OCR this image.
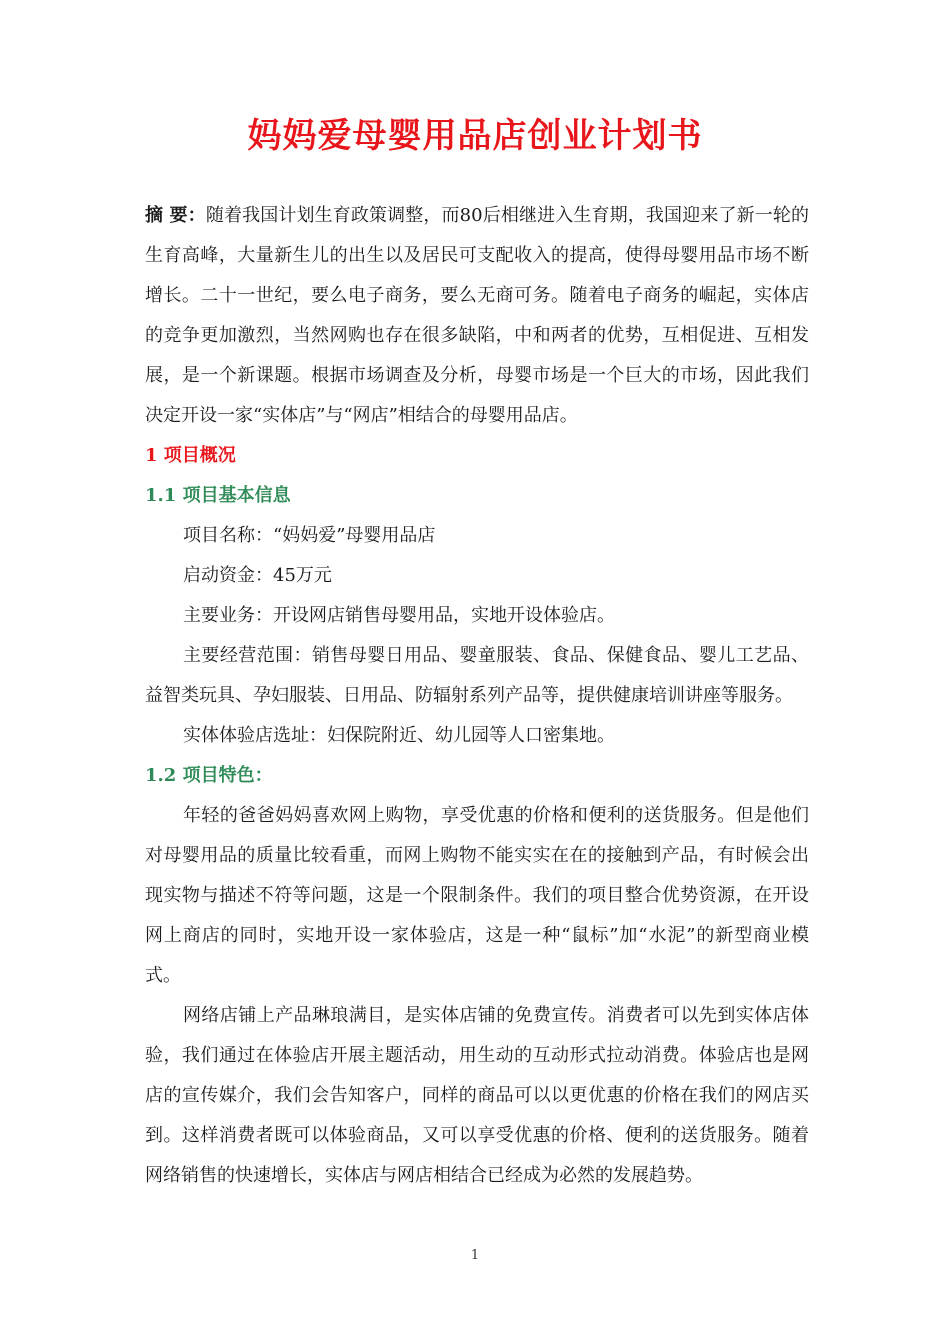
妈妈爱母婴用品店创业计划书

摘 要：随着我国计划生育政策调整，而80后相继进入生育期，我国迎来了新一轮的生育高峰，大量新生儿的出生以及居民可支配收入的提高，使得母婴用品市场不断增长。二十一世纪，要么电子商务，要么无商可务。随着电子商务的崛起，实体店的竞争更加激烈，当然网购也存在很多缺陷，中和两者的优势，互相促进、互相发展，是一个新课题。根据市场调查及分析，母婴市场是一个巨大的市场，因此我们决定开设一家“实体店”与“网店”相结合的母婴用品店。

1 项目概况

1.1 项目基本信息

项目名称：“妈妈爱”母婴用品店

启动资金：45万元

主要业务：开设网店销售母婴用品，实地开设体验店。

主要经营范围：销售母婴日用品、婴童服装、食品、保健食品、婴儿工艺品、益智类玩具、孕妇服装、日用品、防辐射系列产品等，提供健康培训讲座等服务。

实体体验店选址：妇保院附近、幼儿园等人口密集地。

1.2 项目特色：

年轻的爸爸妈妈喜欢网上购物，享受优惠的价格和便利的送货服务。但是他们对母婴用品的质量比较看重，而网上购物不能实实在在的接触到产品，有时候会出现实物与描述不符等问题，这是一个限制条件。我们的项目整合优势资源，在开设网上商店的同时，实地开设一家体验店，这是一种“鼠标”加“水泥”的新型商业模式。

网络店铺上产品琳琅满目，是实体店铺的免费宣传。消费者可以先到实体店体验，我们通过在体验店开展主题活动，用生动的互动形式拉动消费。体验店也是网店的宣传媒介，我们会告知客户，同样的商品可以以更优惠的价格在我们的网店买到。这样消费者既可以体验商品，又可以享受优惠的价格、便利的送货服务。随着网络销售的快速增长，实体店与网店相结合已经成为必然的发展趋势。

1
